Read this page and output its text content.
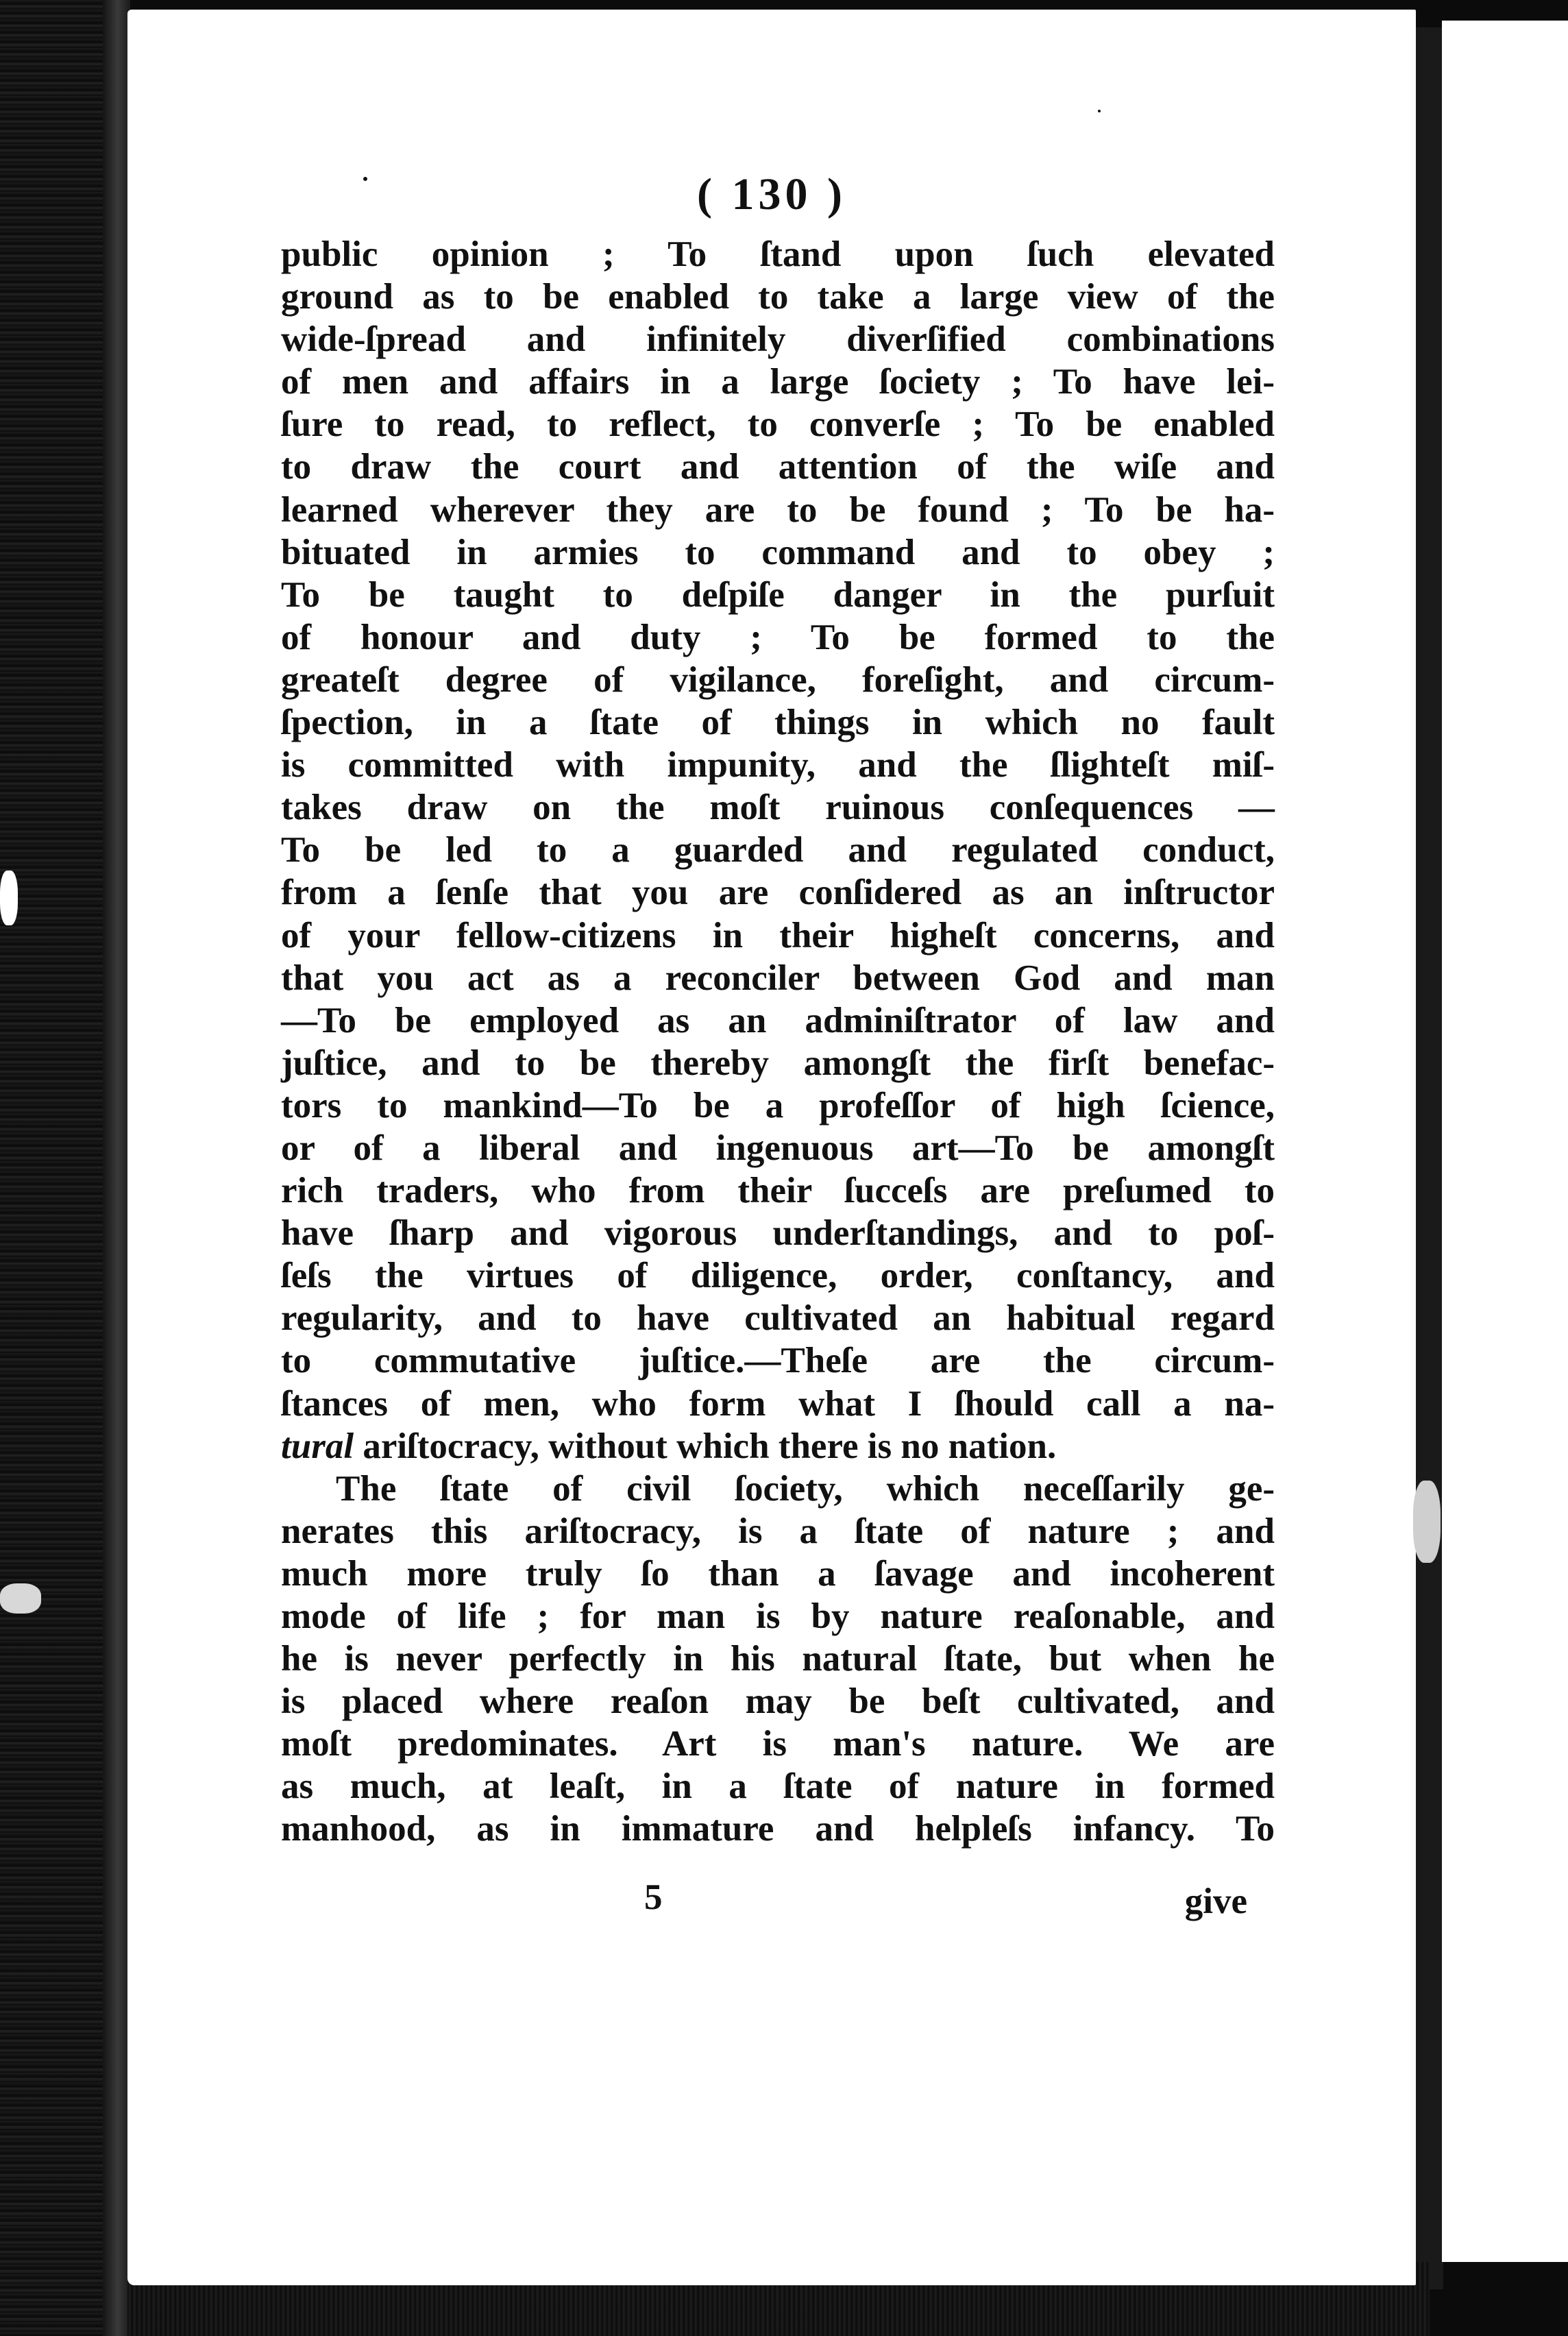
( 130 )
public opinion ; To ſtand upon ſuch elevated
ground as to be enabled to take a large view of the
wide-ſpread and infinitely diverſified combinations
of men and affairs in a large ſociety ; To have lei-
ſure to read, to reflect, to converſe ; To be enabled
to draw the court and attention of the wiſe and
learned wherever they are to be found ; To be ha-
bituated in armies to command and to obey ;
To be taught to deſpiſe danger in the purſuit
of honour and duty ; To be formed to the
greateſt degree of vigilance, foreſight, and circum-
ſpection, in a ſtate of things in which no fault
is committed with impunity, and the ſlighteſt miſ-
takes draw on the moſt ruinous conſequences —
To be led to a guarded and regulated conduct,
from a ſenſe that you are conſidered as an inſtructor
of your fellow-citizens in their higheſt concerns, and
that you act as a reconciler between God and man
—To be employed as an adminiſtrator of law and
juſtice, and to be thereby amongſt the firſt benefac-
tors to mankind—To be a profeſſor of high ſcience,
or of a liberal and ingenuous art—To be amongſt
rich traders, who from their ſucceſs are preſumed to
have ſharp and vigorous underſtandings, and to poſ-
ſeſs the virtues of diligence, order, conſtancy, and
regularity, and to have cultivated an habitual regard
to commutative juſtice.—Theſe are the circum-
ſtances of men, who form what I ſhould call a na-
tural ariſtocracy, without which there is no nation.
The ſtate of civil ſociety, which neceſſarily ge-
nerates this ariſtocracy, is a ſtate of nature ; and
much more truly ſo than a ſavage and incoherent
mode of life ; for man is by nature reaſonable, and
he is never perfectly in his natural ſtate, but when he
is placed where reaſon may be beſt cultivated, and
moſt predominates. Art is man's nature. We are
as much, at leaſt, in a ſtate of nature in formed
manhood, as in immature and helpleſs infancy. To
5	give
